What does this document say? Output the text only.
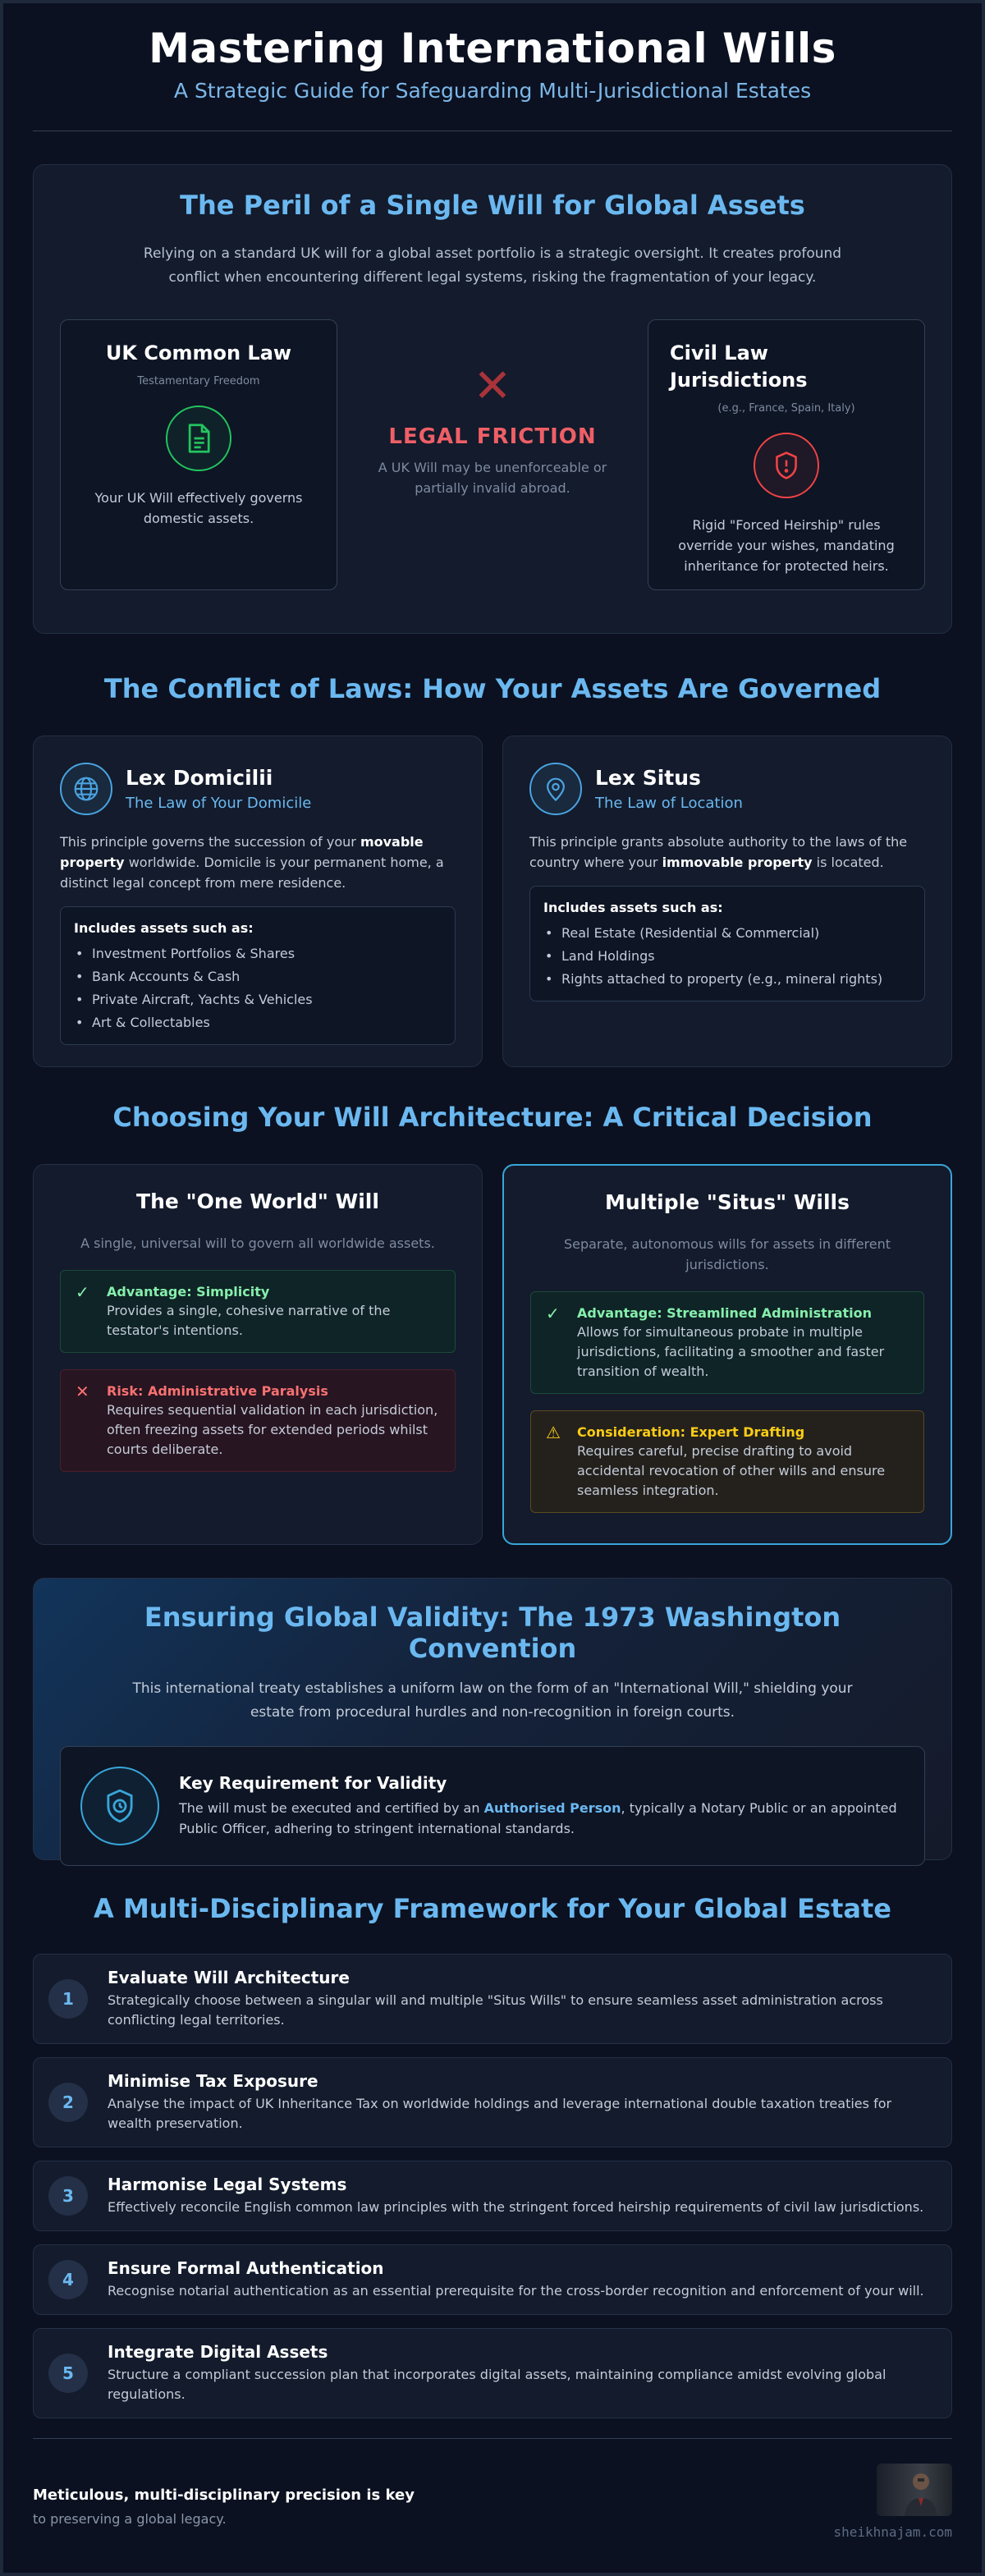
Mastering International Wills
A Strategic Guide for Safeguarding Multi-Jurisdictional Estates
The Peril of a Single Will for Global Assets

Relying on a standard UK will for a global asset portfolio is a strategic oversight. It creates profound conflict when encountering different legal systems, risking the fragmentation of your legacy.

UK Common Law
Testamentary Freedom

Your UK Will effectively governs domestic assets.

✕
LEGAL FRICTION

A UK Will may be unenforceable or partially invalid abroad.

Civil Law Jurisdictions
(e.g., France, Spain, Italy)

Rigid "Forced Heirship" rules override your wishes, mandating inheritance for protected heirs.

The Conflict of Laws: How Your Assets Are Governed
Lex Domicilii
The Law of Your Domicile

This principle governs the succession of your movable property worldwide. Domicile is your permanent home, a distinct legal concept from mere residence.

Includes assets such as:
• Investment Portfolios & Shares
• Bank Accounts & Cash
• Private Aircraft, Yachts & Vehicles
• Art & Collectables
Lex Situs
The Law of Location

This principle grants absolute authority to the laws of the country where your immovable property is located.

Includes assets such as:
• Real Estate (Residential & Commercial)
• Land Holdings
• Rights attached to property (e.g., mineral rights)
Choosing Your Will Architecture: A Critical Decision
The "One World" Will

A single, universal will to govern all worldwide assets.

✓ Advantage: Simplicity

Provides a single, cohesive narrative of the testator's intentions.

✕ Risk: Administrative Paralysis

Requires sequential validation in each jurisdiction, often freezing assets for extended periods whilst courts deliberate.

Multiple "Situs" Wills

Separate, autonomous wills for assets in different jurisdictions.

✓ Advantage: Streamlined Administration

Allows for simultaneous probate in multiple jurisdictions, facilitating a smoother and faster transition of wealth.

⚠ Consideration: Expert Drafting

Requires careful, precise drafting to avoid accidental revocation of other wills and ensure seamless integration.

Ensuring Global Validity: The 1973 Washington Convention

This international treaty establishes a uniform law on the form of an "International Will," shielding your estate from procedural hurdles and non-recognition in foreign courts.

Key Requirement for Validity

The will must be executed and certified by an Authorised Person, typically a Notary Public or an appointed Public Officer, adhering to stringent international standards.

A Multi-Disciplinary Framework for Your Global Estate
1
Evaluate Will Architecture

Strategically choose between a singular will and multiple "Situs Wills" to ensure seamless asset administration across conflicting legal territories.

2
Minimise Tax Exposure

Analyse the impact of UK Inheritance Tax on worldwide holdings and leverage international double taxation treaties for wealth preservation.

3
Harmonise Legal Systems

Effectively reconcile English common law principles with the stringent forced heirship requirements of civil law jurisdictions.

4
Ensure Formal Authentication

Recognise notarial authentication as an essential prerequisite for the cross-border recognition and enforcement of your will.

5
Integrate Digital Assets

Structure a compliant succession plan that incorporates digital assets, maintaining compliance amidst evolving global regulations.

Meticulous, multi-disciplinary precision is key
to preserving a global legacy.
sheikhnajam.com
